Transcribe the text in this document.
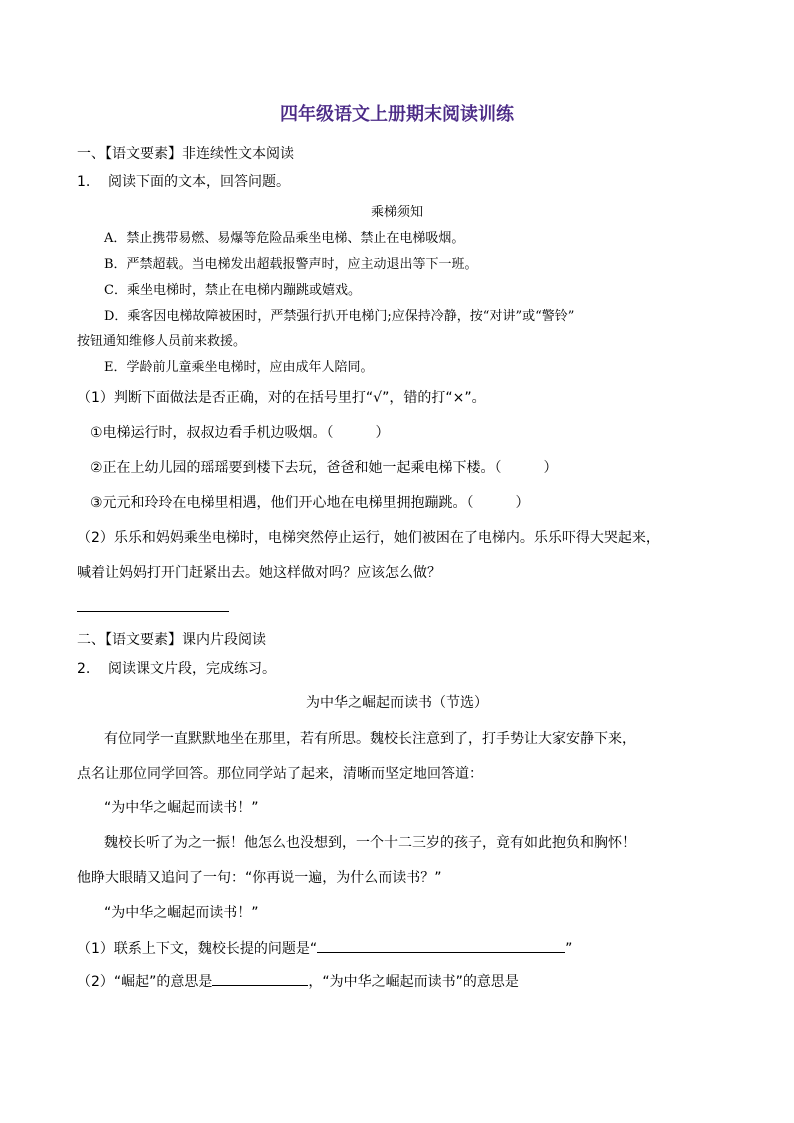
四年级语文上册期末阅读训练
一、【语文要素】非连续性文本阅读
1. 阅读下面的文本，回答问题。
乘梯须知
A．禁止携带易燃、易爆等危险品乘坐电梯、禁止在电梯吸烟。
B．严禁超载。当电梯发出超载报警声时，应主动退出等下一班。
C．乘坐电梯时，禁止在电梯内蹦跳或嬉戏。
D．乘客因电梯故障被困时，严禁强行扒开电梯门;应保持冷静，按“对讲”或“警铃”
按钮通知维修人员前来救援。
E．学龄前儿童乘坐电梯时，应由成年人陪同。
（1）判断下面做法是否正确，对的在括号里打“√”，错的打“×”。
①电梯运行时，叔叔边看手机边吸烟。（　　　）
②正在上幼儿园的瑶瑶要到楼下去玩，爸爸和她一起乘电梯下楼。（　　　）
③元元和玲玲在电梯里相遇，他们开心地在电梯里拥抱蹦跳。（　　　）
（2）乐乐和妈妈乘坐电梯时，电梯突然停止运行，她们被困在了电梯内。乐乐吓得大哭起来，
喊着让妈妈打开门赶紧出去。她这样做对吗？应该怎么做？
二、【语文要素】课内片段阅读
2. 阅读课文片段，完成练习。
为中华之崛起而读书（节选）
有位同学一直默默地坐在那里，若有所思。魏校长注意到了，打手势让大家安静下来，
点名让那位同学回答。那位同学站了起来，清晰而坚定地回答道：
“为中华之崛起而读书！”
魏校长听了为之一振！他怎么也没想到，一个十二三岁的孩子，竟有如此抱负和胸怀！
他睁大眼睛又追问了一句：“你再说一遍，为什么而读书？”
“为中华之崛起而读书！”
（1）联系上下文，魏校长提的问题是“	”
（2）“崛起”的意思是	，“为中华之崛起而读书”的意思是
